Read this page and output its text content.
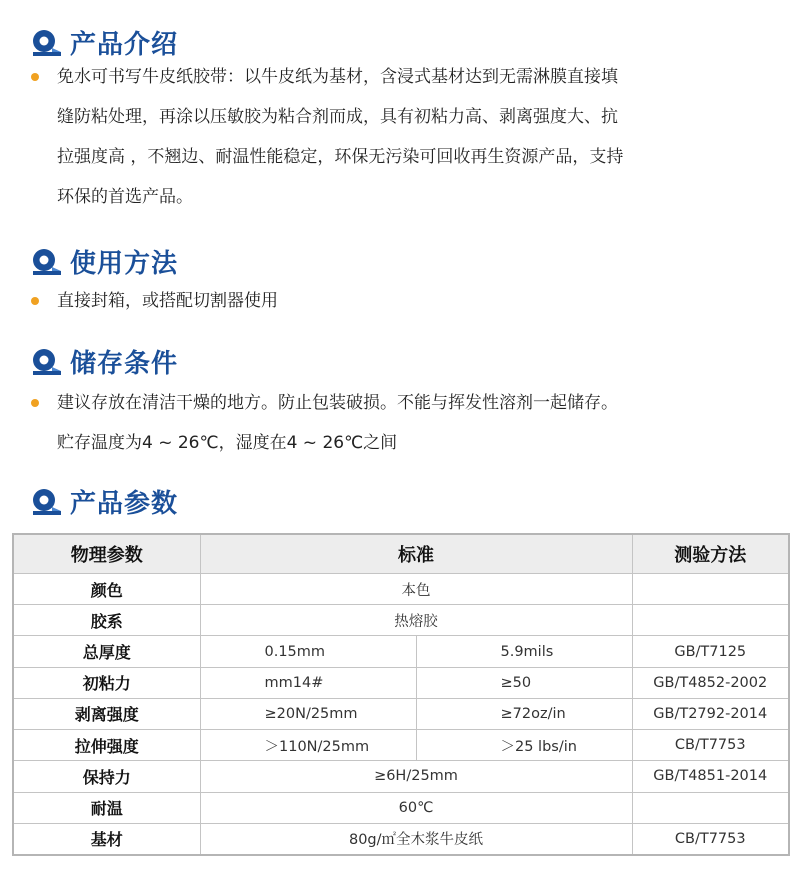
产品介绍
免水可书写牛皮纸胶带：以牛皮纸为基材，含浸式基材达到无需淋膜直接填
缝防粘处理，再涂以压敏胶为粘合剂而成，具有初粘力高、剥离强度大、抗
拉强度高 ，不翘边、耐温性能稳定，环保无污染可回收再生资源产品，支持
环保的首选产品。
使用方法
直接封箱，或搭配切割器使用
储存条件
建议存放在清洁干燥的地方。防止包装破损。不能与挥发性溶剂一起储存。
贮存温度为4 ~ 26℃，湿度在4 ~ 26℃之间
产品参数
物理参数	标准		测验方法
颜色	本色		
胶系	热熔胶		
总厚度	0.15mm	5.9mils	GB/T7125
初粘力	mm14#	≥50	GB/T4852-2002
剥离强度	≥20N/25mm	≥72oz/in	GB/T2792-2014
拉伸强度	＞110N/25mm	＞25 lbs/in	CB/T7753
保持力	≥6H/25mm		GB/T4851-2014
耐温	60℃		
基材	80g/㎡全木浆牛皮纸		CB/T7753
